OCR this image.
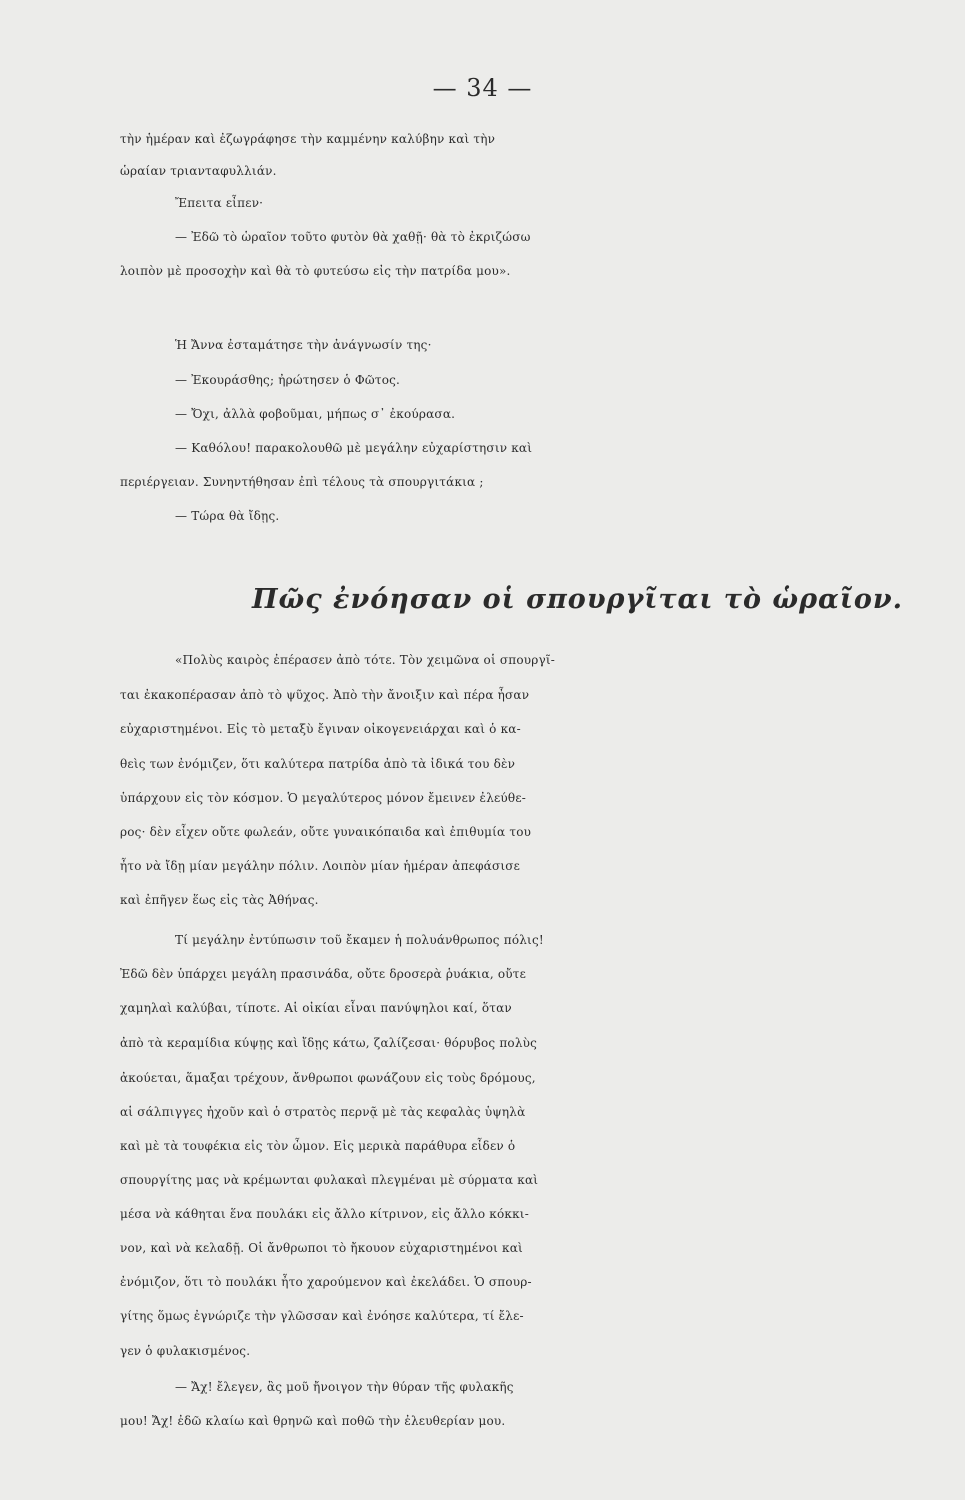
— 34 —
τὴν ἡμέραν καὶ ἐζωγράφησε τὴν καμμένην καλύβην καὶ τὴν
ὡραίαν τριανταφυλλιάν.
Ἔπειτα εἶπεν·
— Ἐδῶ τὸ ὡραῖον τοῦτο φυτὸν θὰ χαθῇ· θὰ τὸ ἐκριζώσω
λοιπὸν μὲ προσοχὴν καὶ θὰ τὸ φυτεύσω εἰς τὴν πατρίδα μου».
Ἡ Ἄννα ἐσταμάτησε τὴν ἀνάγνωσίν της·
— Ἐκουράσθης; ἠρώτησεν ὁ Φῶτος.
— Ὄχι, ἀλλὰ φοβοῦμαι, μήπως σ᾽ ἐκούρασα.
— Καθόλου! παρακολουθῶ μὲ μεγάλην εὐχαρίστησιν καὶ
περιέργειαν. Συνηντήθησαν ἐπὶ τέλους τὰ σπουργιτάκια ;
— Τώρα θὰ ἴδῃς.
Πῶς ἐνόησαν οἱ σπουργῖται τὸ ὡραῖον.
«Πολὺς καιρὸς ἐπέρασεν ἀπὸ τότε. Τὸν χειμῶνα οἱ σπουργῖ-
ται ἐκακοπέρασαν ἀπὸ τὸ ψῦχος. Ἀπὸ τὴν ἄνοιξιν καὶ πέρα ἦσαν
εὐχαριστημένοι. Εἰς τὸ μεταξὺ ἔγιναν οἰκογενειάρχαι καὶ ὁ κα-
θεὶς των ἐνόμιζεν, ὅτι καλύτερα πατρίδα ἀπὸ τὰ ἰδικά του δὲν
ὑπάρχουν εἰς τὸν κόσμον. Ὁ μεγαλύτερος μόνον ἔμεινεν ἐλεύθε-
ρος· δὲν εἶχεν οὔτε φωλεάν, οὔτε γυναικόπαιδα καὶ ἐπιθυμία του
ἦτο νὰ ἴδῃ μίαν μεγάλην πόλιν. Λοιπὸν μίαν ἡμέραν ἀπεφάσισε
καὶ ἐπῆγεν ἕως εἰς τὰς Ἀθήνας.
Τί μεγάλην ἐντύπωσιν τοῦ ἔκαμεν ἡ πολυάνθρωπος πόλις!
Ἐδῶ δὲν ὑπάρχει μεγάλη πρασινάδα, οὔτε δροσερὰ ῥυάκια, οὔτε
χαμηλαὶ καλύβαι, τίποτε. Αἱ οἰκίαι εἶναι πανύψηλοι καί, ὅταν
ἀπὸ τὰ κεραμίδια κύψῃς καὶ ἴδῃς κάτω, ζαλίζεσαι· θόρυβος πολὺς
ἀκούεται, ἅμαξαι τρέχουν, ἄνθρωποι φωνάζουν εἰς τοὺς δρόμους,
αἱ σάλπιγγες ἠχοῦν καὶ ὁ στρατὸς περνᾷ μὲ τὰς κεφαλὰς ὑψηλὰ
καὶ μὲ τὰ τουφέκια εἰς τὸν ὦμον. Εἰς μερικὰ παράθυρα εἶδεν ὁ
σπουργίτης μας νὰ κρέμωνται φυλακαὶ πλεγμέναι μὲ σύρματα καὶ
μέσα νὰ κάθηται ἕνα πουλάκι εἰς ἄλλο κίτρινον, εἰς ἄλλο κόκκι-
νον, καὶ νὰ κελαδῇ. Οἱ ἄνθρωποι τὸ ἤκουον εὐχαριστημένοι καὶ
ἐνόμιζον, ὅτι τὸ πουλάκι ἦτο χαρούμενον καὶ ἐκελάδει. Ὁ σπουρ-
γίτης ὅμως ἐγνώριζε τὴν γλῶσσαν καὶ ἐνόησε καλύτερα, τί ἔλε-
γεν ὁ φυλακισμένος.
— Ἄχ! ἔλεγεν, ἂς μοῦ ἤνοιγον τὴν θύραν τῆς φυλακῆς
μου! Ἄχ! ἐδῶ κλαίω καὶ θρηνῶ καὶ ποθῶ τὴν ἐλευθερίαν μου.
